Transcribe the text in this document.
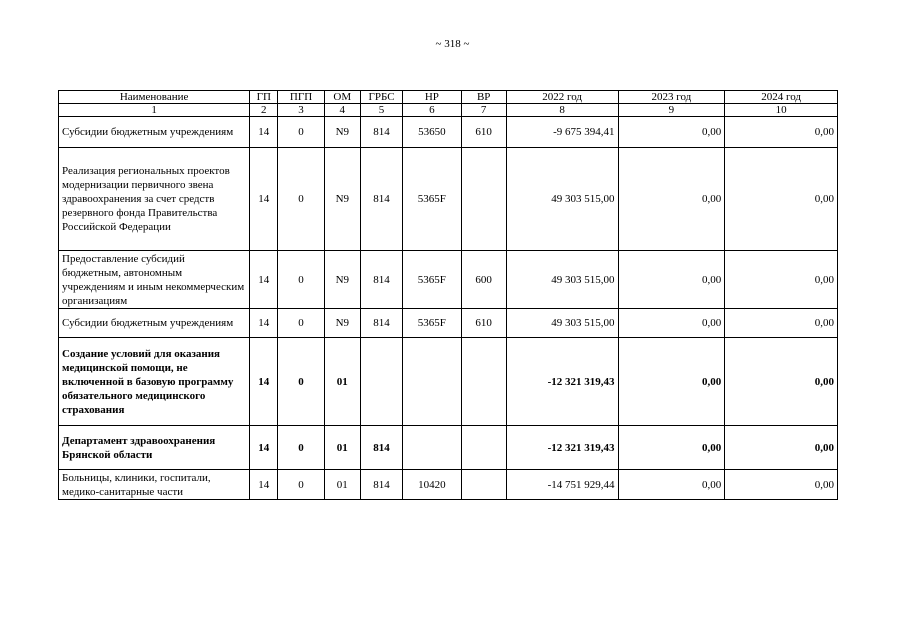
~ 318 ~
Наименование	ГП	ПГП	ОМ	ГРБС	НР	ВР	2022 год	2023 год	2024 год
1	2	3	4	5	6	7	8	9	10
Субсидии бюджетным учреждениям	14	0	N9	814	53650	610	-9 675 394,41	0,00	0,00
Реализация региональных проектов модернизации первичного звена здравоохранения за счет средств резервного фонда Правительства Российской Федерации	14	0	N9	814	5365F		49 303 515,00	0,00	0,00
Предоставление субсидий бюджетным, автономным учреждениям и иным некоммерческим организациям	14	0	N9	814	5365F	600	49 303 515,00	0,00	0,00
Субсидии бюджетным учреждениям	14	0	N9	814	5365F	610	49 303 515,00	0,00	0,00
Создание условий для оказания медицинской помощи, не включенной в базовую программу обязательного медицинского страхования	14	0	01				-12 321 319,43	0,00	0,00
Департамент здравоохранения Брянской области	14	0	01	814			-12 321 319,43	0,00	0,00
Больницы, клиники, госпитали, медико-санитарные части	14	0	01	814	10420		-14 751 929,44	0,00	0,00
